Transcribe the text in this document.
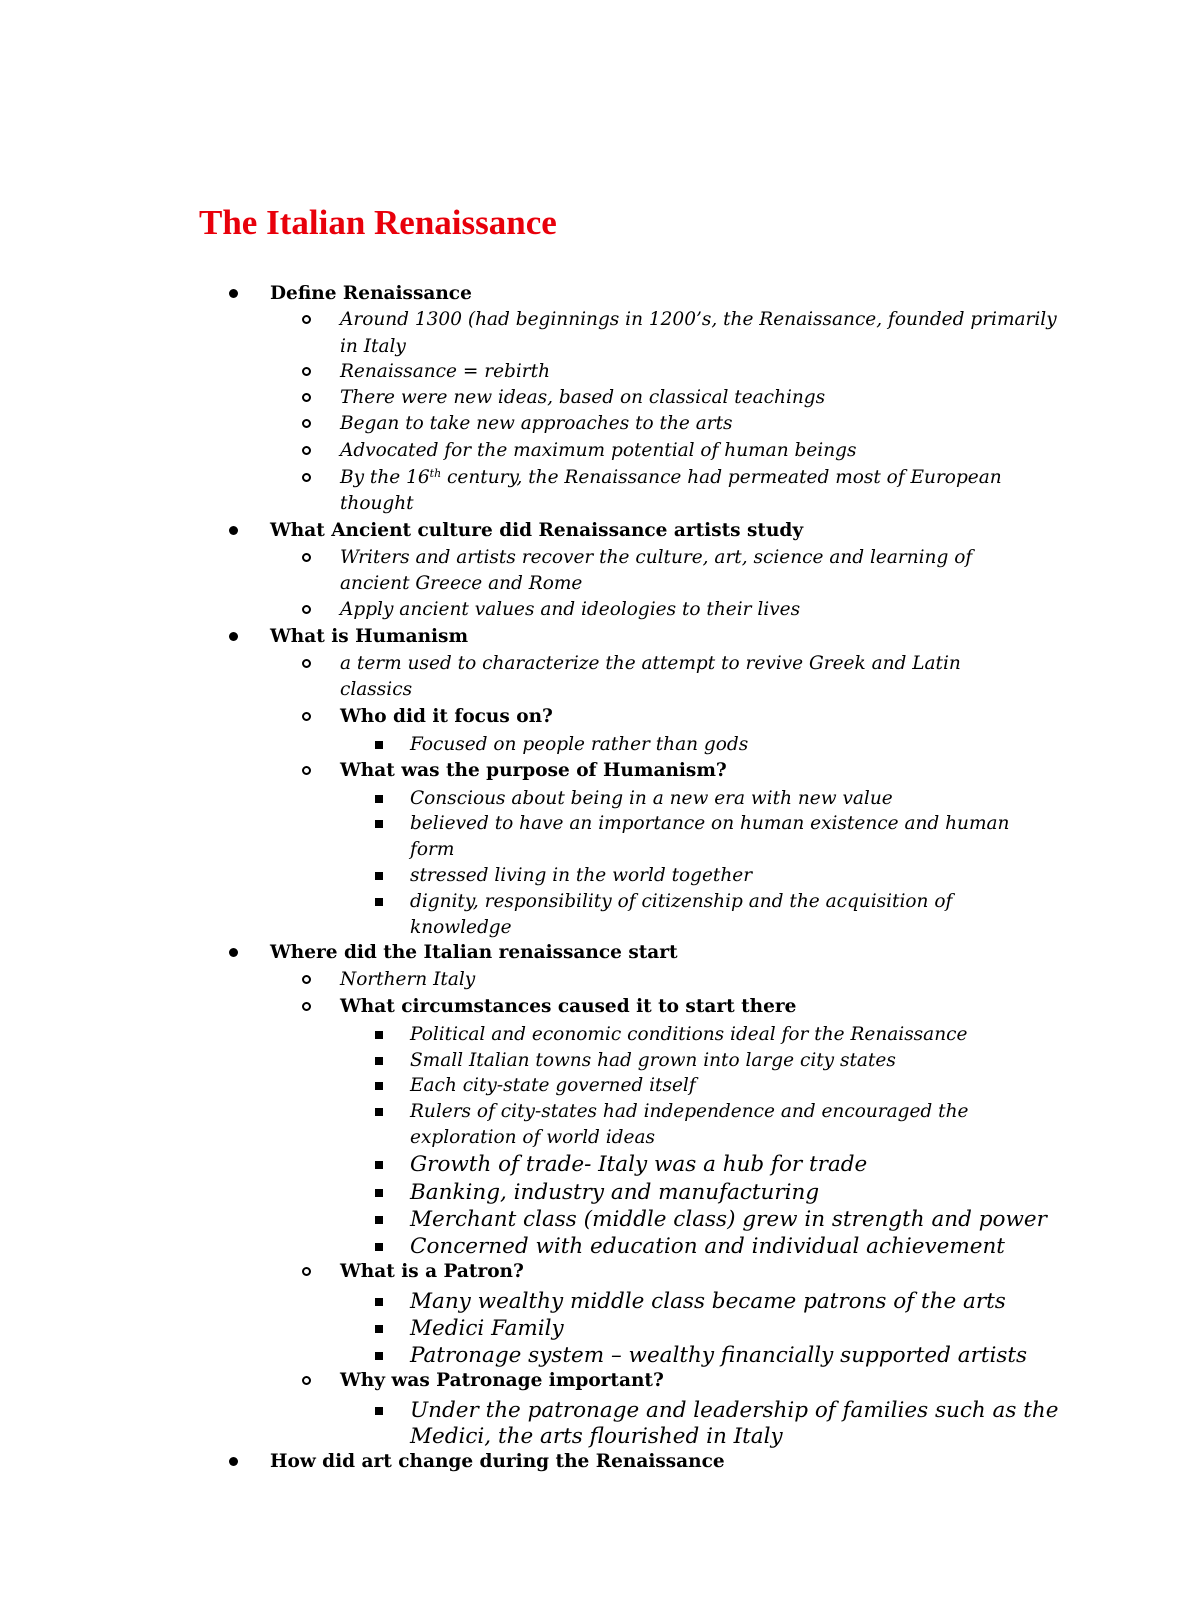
The Italian Renaissance
Define Renaissance
Around 1300 (had beginnings in 1200’s, the Renaissance, founded primarily
in Italy
Renaissance = rebirth
There were new ideas, based on classical teachings
Began to take new approaches to the arts
Advocated for the maximum potential of human beings
By the 16th century, the Renaissance had permeated most of European
thought
What Ancient culture did Renaissance artists study
Writers and artists recover the culture, art, science and learning of
ancient Greece and Rome
Apply ancient values and ideologies to their lives
What is Humanism
a term used to characterize the attempt to revive Greek and Latin
classics
Who did it focus on?
Focused on people rather than gods
What was the purpose of Humanism?
Conscious about being in a new era with new value
believed to have an importance on human existence and human
form
stressed living in the world together
dignity, responsibility of citizenship and the acquisition of
knowledge
Where did the Italian renaissance start
Northern Italy
What circumstances caused it to start there
Political and economic conditions ideal for the Renaissance
Small Italian towns had grown into large city states
Each city-state governed itself
Rulers of city-states had independence and encouraged the
exploration of world ideas
Growth of trade- Italy was a hub for trade
Banking, industry and manufacturing
Merchant class (middle class) grew in strength and power
Concerned with education and individual achievement
What is a Patron?
Many wealthy middle class became patrons of the arts
Medici Family
Patronage system – wealthy financially supported artists
Why was Patronage important?
Under the patronage and leadership of families such as the
Medici, the arts flourished in Italy
How did art change during the Renaissance
